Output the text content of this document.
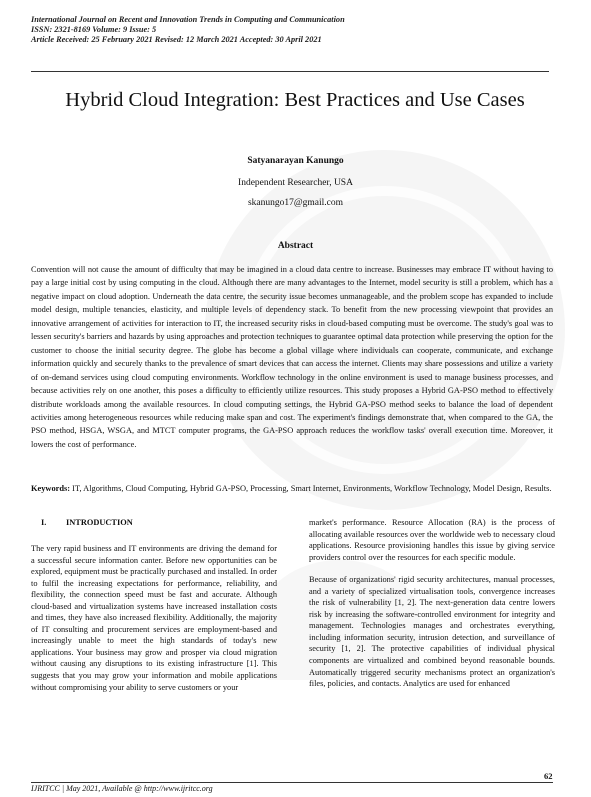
International Journal on Recent and Innovation Trends in Computing and Communication
ISSN: 2321-8169 Volume: 9 Issue: 5
Article Received: 25 February 2021 Revised: 12 March 2021 Accepted: 30 April 2021
Hybrid Cloud Integration: Best Practices and Use Cases
Satyanarayan Kanungo
Independent Researcher, USA
skanungo17@gmail.com
Abstract
Convention will not cause the amount of difficulty that may be imagined in a cloud data centre to increase. Businesses may embrace IT without having to pay a large initial cost by using computing in the cloud. Although there are many advantages to the Internet, model security is still a problem, which has a negative impact on cloud adoption. Underneath the data centre, the security issue becomes unmanageable, and the problem scope has expanded to include model design, multiple tenancies, elasticity, and multiple levels of dependency stack. To benefit from the new processing viewpoint that provides an innovative arrangement of activities for interaction to IT, the increased security risks in cloud-based computing must be overcome. The study's goal was to lessen security's barriers and hazards by using approaches and protection techniques to guarantee optimal data protection while preserving the option for the customer to choose the initial security degree. The globe has become a global village where individuals can cooperate, communicate, and exchange information quickly and securely thanks to the prevalence of smart devices that can access the internet. Clients may share possessions and utilize a variety of on-demand services using cloud computing environments. Workflow technology in the online environment is used to manage business processes, and because activities rely on one another, this poses a difficulty to efficiently utilize resources. This study proposes a Hybrid GA-PSO method to effectively distribute workloads among the available resources. In cloud computing settings, the Hybrid GA-PSO method seeks to balance the load of dependent activities among heterogeneous resources while reducing make span and cost. The experiment's findings demonstrate that, when compared to the GA, the PSO method, HSGA, WSGA, and MTCT computer programs, the GA-PSO approach reduces the workflow tasks' overall execution time. Moreover, it lowers the cost of performance.
Keywords: IT, Algorithms, Cloud Computing, Hybrid GA-PSO, Processing, Smart Internet, Environments, Workflow Technology, Model Design, Results.
I. INTRODUCTION

The very rapid business and IT environments are driving the demand for a successful secure information canter. Before new opportunities can be explored, equipment must be practically purchased and installed. In order to fulfil the increasing expectations for performance, reliability, and flexibility, the connection speed must be fast and accurate. Although cloud-based and virtualization systems have increased installation costs and times, they have also increased flexibility. Additionally, the majority of IT consulting and procurement services are employment-based and increasingly unable to meet the high standards of today's new applications. Your business may grow and prosper via cloud migration without causing any disruptions to its existing infrastructure [1]. This suggests that you may grow your information and mobile applications without compromising your ability to serve customers or your

market's performance. Resource Allocation (RA) is the process of allocating available resources over the worldwide web to necessary cloud applications. Resource provisioning handles this issue by giving service providers control over the resources for each specific module.

Because of organizations' rigid security architectures, manual processes, and a variety of specialized virtualisation tools, convergence increases the risk of vulnerability [1, 2]. The next-generation data centre lowers risk by increasing the software-controlled environment for integrity and management. Technologies manages and orchestrates everything, including information security, intrusion detection, and surveillance of security [1, 2]. The protective capabilities of individual physical components are virtualized and combined beyond reasonable bounds. Automatically triggered security mechanisms protect an organization's files, policies, and contacts. Analytics are used for enhanced

62
IJRITCC | May 2021, Available @ http://www.ijritcc.org
